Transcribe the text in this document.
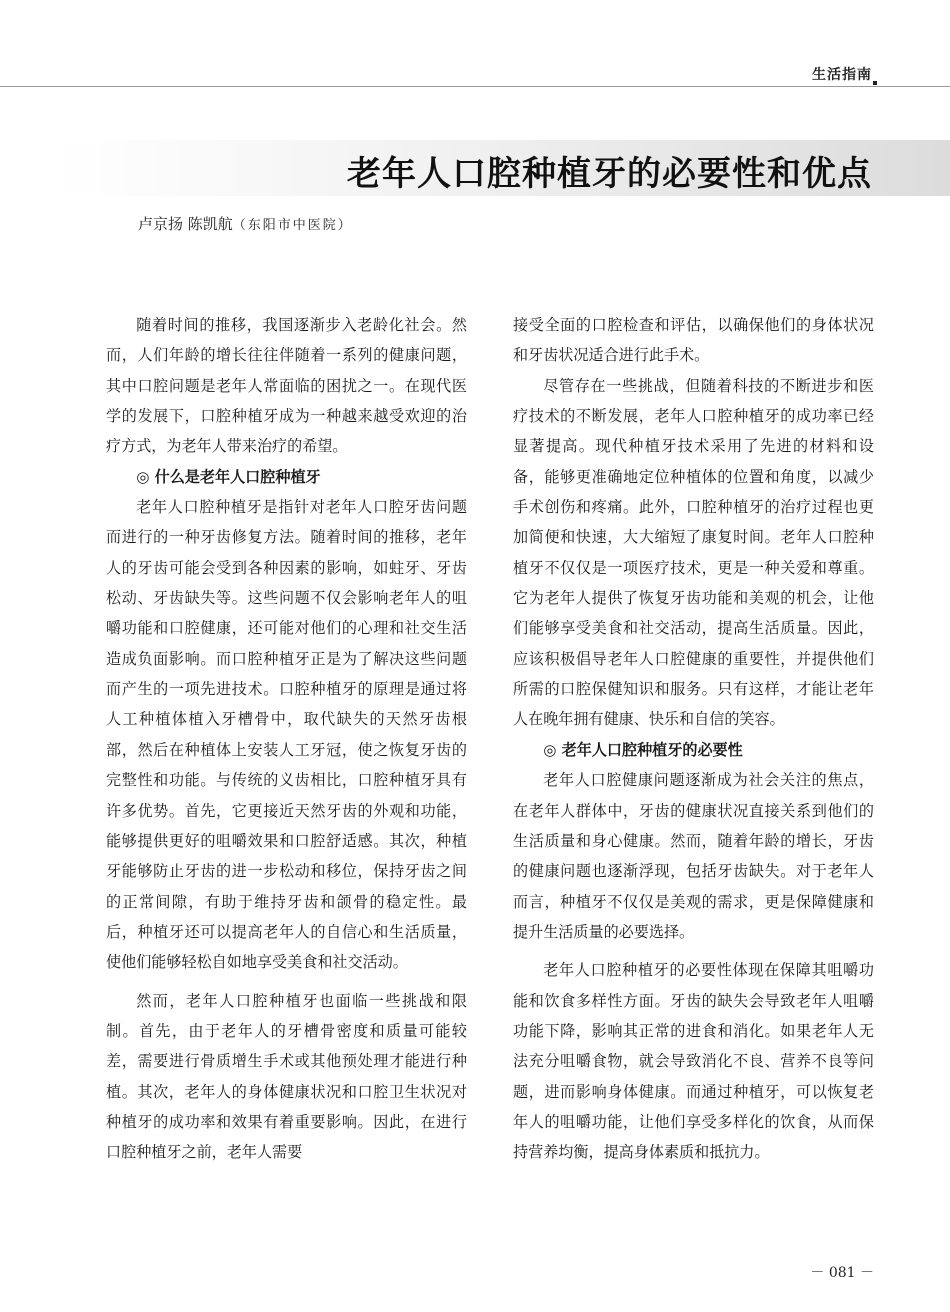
生活指南
老年人口腔种植牙的必要性和优点
卢京扬 陈凯航（东阳市中医院）

随着时间的推移，我国逐渐步入老龄化社会。然而，人们年龄的增长往往伴随着一系列的健康问题，其中口腔问题是老年人常面临的困扰之一。在现代医学的发展下，口腔种植牙成为一种越来越受欢迎的治疗方式，为老年人带来治疗的希望。

◎ 什么是老年人口腔种植牙

老年人口腔种植牙是指针对老年人口腔牙齿问题而进行的一种牙齿修复方法。随着时间的推移，老年人的牙齿可能会受到各种因素的影响，如蛀牙、牙齿松动、牙齿缺失等。这些问题不仅会影响老年人的咀嚼功能和口腔健康，还可能对他们的心理和社交生活造成负面影响。而口腔种植牙正是为了解决这些问题而产生的一项先进技术。口腔种植牙的原理是通过将人工种植体植入牙槽骨中，取代缺失的天然牙齿根部，然后在种植体上安装人工牙冠，使之恢复牙齿的完整性和功能。与传统的义齿相比，口腔种植牙具有许多优势。首先，它更接近天然牙齿的外观和功能，能够提供更好的咀嚼效果和口腔舒适感。其次，种植牙能够防止牙齿的进一步松动和移位，保持牙齿之间的正常间隙，有助于维持牙齿和颌骨的稳定性。最后，种植牙还可以提高老年人的自信心和生活质量，使他们能够轻松自如地享受美食和社交活动。

然而，老年人口腔种植牙也面临一些挑战和限制。首先，由于老年人的牙槽骨密度和质量可能较差，需要进行骨质增生手术或其他预处理才能进行种植。其次，老年人的身体健康状况和口腔卫生状况对种植牙的成功率和效果有着重要影响。因此，在进行口腔种植牙之前，老年人需要

接受全面的口腔检查和评估，以确保他们的身体状况和牙齿状况适合进行此手术。

尽管存在一些挑战，但随着科技的不断进步和医疗技术的不断发展，老年人口腔种植牙的成功率已经显著提高。现代种植牙技术采用了先进的材料和设备，能够更准确地定位种植体的位置和角度，以减少手术创伤和疼痛。此外，口腔种植牙的治疗过程也更加简便和快速，大大缩短了康复时间。老年人口腔种植牙不仅仅是一项医疗技术，更是一种关爱和尊重。它为老年人提供了恢复牙齿功能和美观的机会，让他们能够享受美食和社交活动，提高生活质量。因此，应该积极倡导老年人口腔健康的重要性，并提供他们所需的口腔保健知识和服务。只有这样，才能让老年人在晚年拥有健康、快乐和自信的笑容。

◎ 老年人口腔种植牙的必要性

老年人口腔健康问题逐渐成为社会关注的焦点，在老年人群体中，牙齿的健康状况直接关系到他们的生活质量和身心健康。然而，随着年龄的增长，牙齿的健康问题也逐渐浮现，包括牙齿缺失。对于老年人而言，种植牙不仅仅是美观的需求，更是保障健康和提升生活质量的必要选择。

老年人口腔种植牙的必要性体现在保障其咀嚼功能和饮食多样性方面。牙齿的缺失会导致老年人咀嚼功能下降，影响其正常的进食和消化。如果老年人无法充分咀嚼食物，就会导致消化不良、营养不良等问题，进而影响身体健康。而通过种植牙，可以恢复老年人的咀嚼功能，让他们享受多样化的饮食，从而保持营养均衡，提高身体素质和抵抗力。

－ 081 －
